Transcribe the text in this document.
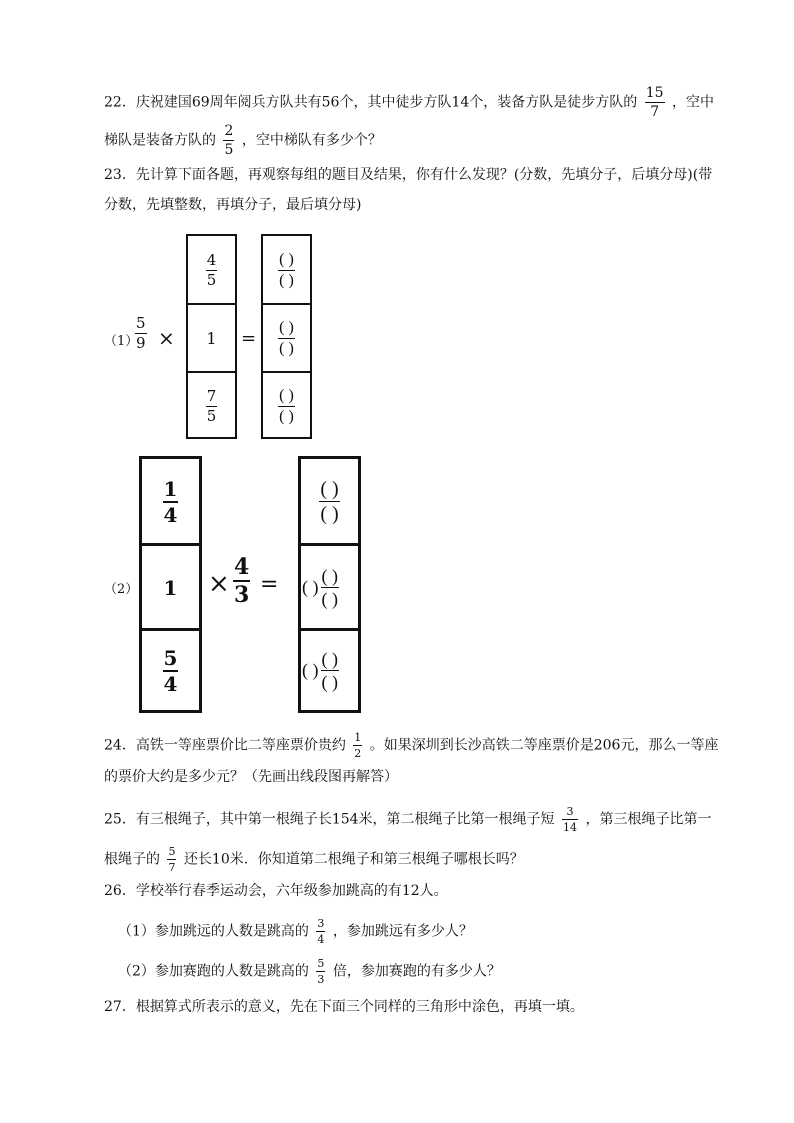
22．庆祝建国69周年阅兵方队共有56个，其中徒步方队14个，装备方队是徒步方队的 $\frac{15}{7}$ ，空中
梯队是装备方队的 $\frac{2}{5}$ ，空中梯队有多少个？
23．先计算下面各题，再观察每组的题目及结果，你有什么发现？(分数，先填分子，后填分母)(带
分数，先填整数，再填分子，最后填分母)
（1）
$\frac{5}{9}$ ×
$\frac{4}{5}$
1
$\frac{7}{5}$
=
$\frac{( )}{( )}$
$\frac{( )}{( )}$
$\frac{( )}{( )}$
（2）
$\frac{1}{4}$
1
$\frac{5}{4}$
× $\frac{4}{3}$ =
$\frac{( )}{( )}$
( ) $\frac{( )}{( )}$
( ) $\frac{( )}{( )}$
24．高铁一等座票价比二等座票价贵约 $\frac{1}{2}$ 。如果深圳到长沙高铁二等座票价是206元，那么一等座
的票价大约是多少元？（先画出线段图再解答）
25．有三根绳子，其中第一根绳子长154米，第二根绳子比第一根绳子短 $\frac{3}{14}$ ，第三根绳子比第一
根绳子的 $\frac{5}{7}$ 还长10米．你知道第二根绳子和第三根绳子哪根长吗？
26．学校举行春季运动会，六年级参加跳高的有12人。
（1）参加跳远的人数是跳高的 $\frac{3}{4}$ ，参加跳远有多少人？
（2）参加赛跑的人数是跳高的 $\frac{5}{3}$ 倍，参加赛跑的有多少人？
27．根据算式所表示的意义，先在下面三个同样的三角形中涂色，再填一填。
